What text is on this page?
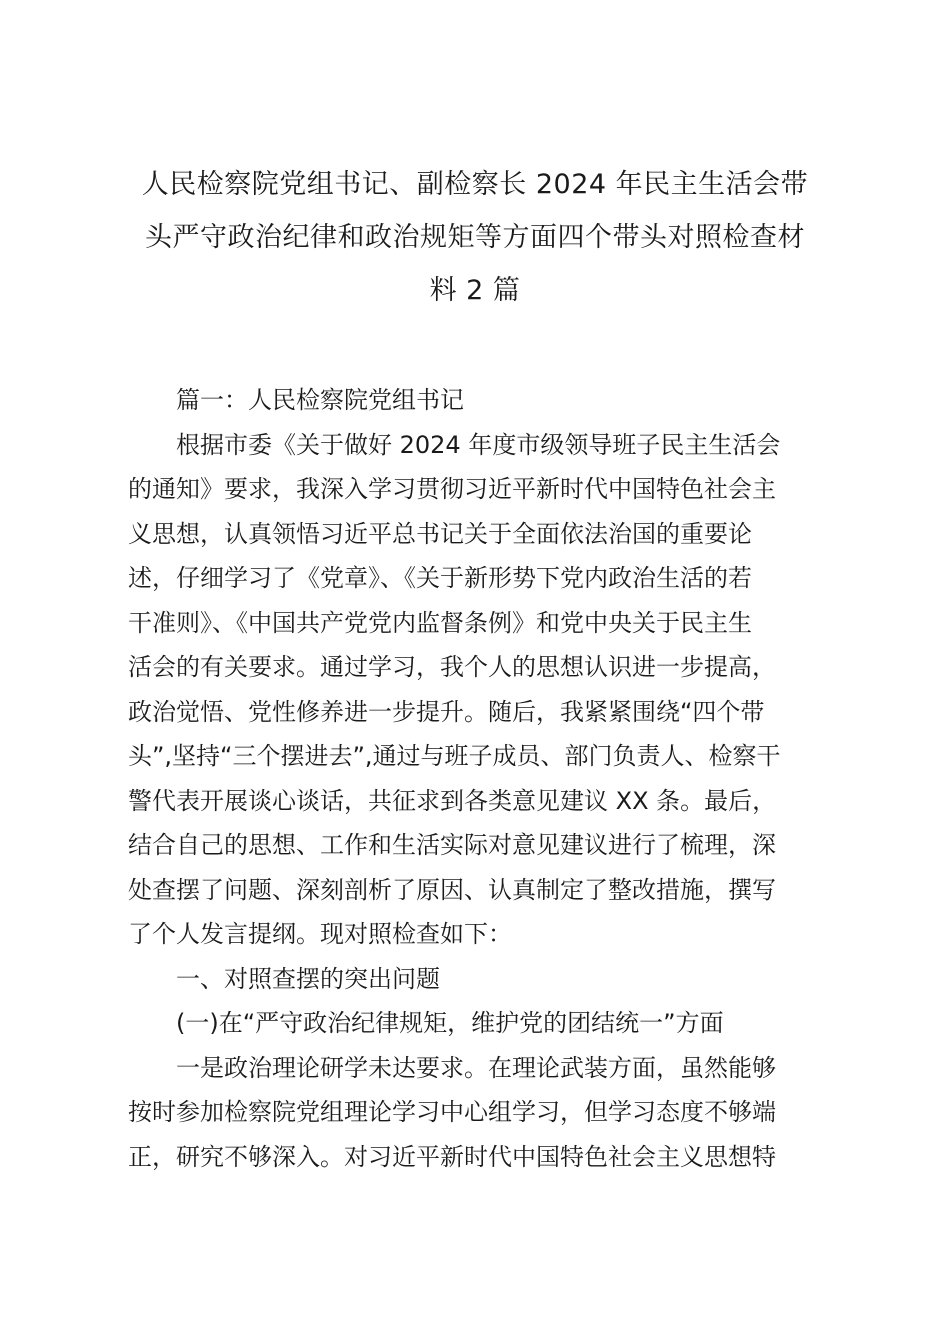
人民检察院党组书记、副检察长 2024 年民主生活会带
头严守政治纪律和政治规矩等方面四个带头对照检查材
料 2 篇
篇一：人民检察院党组书记
根据市委《关于做好 2024 年度市级领导班子民主生活会
的通知》要求，我深入学习贯彻习近平新时代中国特色社会主
义思想，认真领悟习近平总书记关于全面依法治国的重要论
述，仔细学习了《党章》、《关于新形势下党内政治生活的若
干准则》、《中国共产党党内监督条例》和党中央关于民主生
活会的有关要求。通过学习，我个人的思想认识进一步提高，
政治觉悟、党性修养进一步提升。随后，我紧紧围绕“四个带
头”,坚持“三个摆进去”,通过与班子成员、部门负责人、检察干
警代表开展谈心谈话，共征求到各类意见建议 XX 条。最后，
结合自己的思想、工作和生活实际对意见建议进行了梳理，深
处查摆了问题、深刻剖析了原因、认真制定了整改措施，撰写
了个人发言提纲。现对照检查如下：
一、对照查摆的突出问题
(一)在“严守政治纪律规矩，维护党的团结统一”方面
一是政治理论研学未达要求。在理论武装方面，虽然能够
按时参加检察院党组理论学习中心组学习，但学习态度不够端
正，研究不够深入。对习近平新时代中国特色社会主义思想特
